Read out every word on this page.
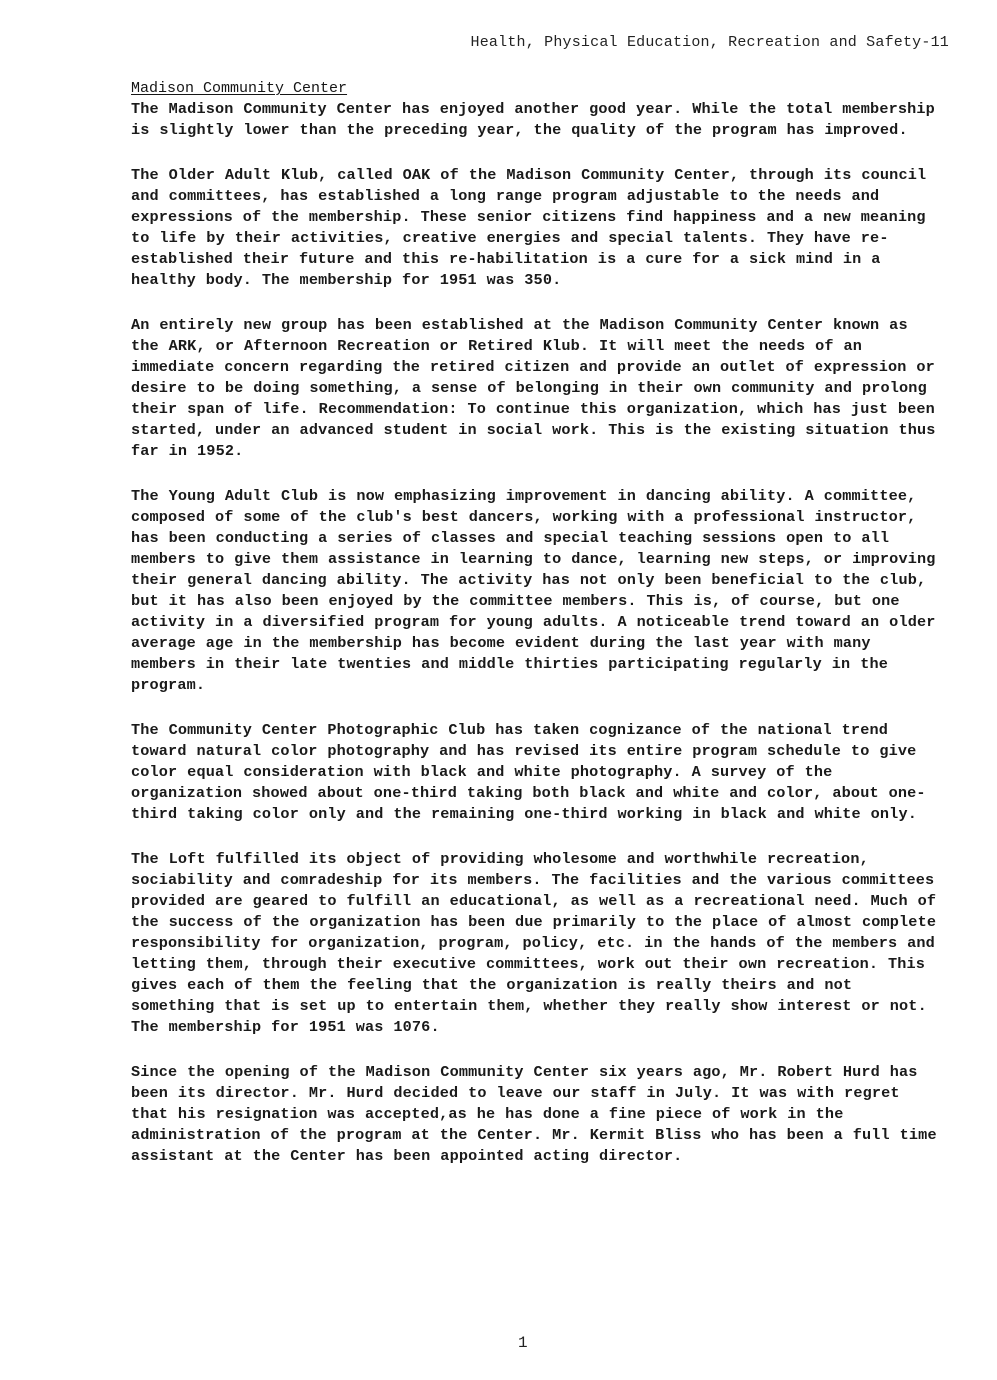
Health, Physical Education, Recreation and Safety-11
Madison Community Center

The Madison Community Center has enjoyed another good year. While the total membership is slightly lower than the preceding year, the quality of the program has improved.

The Older Adult Klub, called OAK of the Madison Community Center, through its council and committees, has established a long range program adjustable to the needs and expressions of the membership. These senior citizens find happiness and a new meaning to life by their activities, creative energies and special talents. They have re-established their future and this re-habilitation is a cure for a sick mind in a healthy body. The membership for 1951 was 350.

An entirely new group has been established at the Madison Community Center known as the ARK, or Afternoon Recreation or Retired Klub. It will meet the needs of an immediate concern regarding the retired citizen and provide an outlet of expression or desire to be doing something, a sense of belonging in their own community and prolong their span of life. Recommendation: To continue this organization, which has just been started, under an advanced student in social work. This is the existing situation thus far in 1952.

The Young Adult Club is now emphasizing improvement in dancing ability. A committee, composed of some of the club's best dancers, working with a professional instructor, has been conducting a series of classes and special teaching sessions open to all members to give them assistance in learning to dance, learning new steps, or improving their general dancing ability. The activity has not only been beneficial to the club, but it has also been enjoyed by the committee members. This is, of course, but one activity in a diversified program for young adults. A noticeable trend toward an older average age in the membership has become evident during the last year with many members in their late twenties and middle thirties participating regularly in the program.

The Community Center Photographic Club has taken cognizance of the national trend toward natural color photography and has revised its entire program schedule to give color equal consideration with black and white photography. A survey of the organization showed about one-third taking both black and white and color, about one-third taking color only and the remaining one-third working in black and white only.

The Loft fulfilled its object of providing wholesome and worthwhile recreation, sociability and comradeship for its members. The facilities and the various committees provided are geared to fulfill an educational, as well as a recreational need. Much of the success of the organization has been due primarily to the place of almost complete responsibility for organization, program, policy, etc. in the hands of the members and letting them, through their executive committees, work out their own recreation. This gives each of them the feeling that the organization is really theirs and not something that is set up to entertain them, whether they really show interest or not. The membership for 1951 was 1076.

Since the opening of the Madison Community Center six years ago, Mr. Robert Hurd has been its director. Mr. Hurd decided to leave our staff in July. It was with regret that his resignation was accepted,as he has done a fine piece of work in the administration of the program at the Center. Mr. Kermit Bliss who has been a full time assistant at the Center has been appointed acting director.

1
